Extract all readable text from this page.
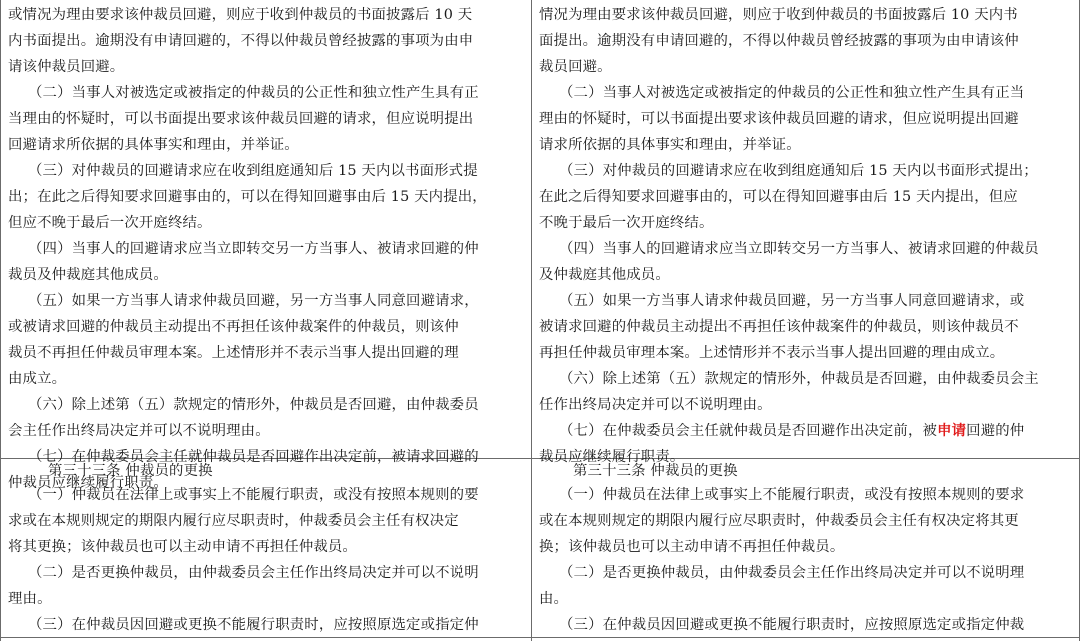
或情况为理由要求该仲裁员回避，则应于收到仲裁员的书面披露后 10 天
内书面提出。逾期没有申请回避的，不得以仲裁员曾经披露的事项为由申
请该仲裁员回避。
（二）当事人对被选定或被指定的仲裁员的公正性和独立性产生具有正
当理由的怀疑时，可以书面提出要求该仲裁员回避的请求，但应说明提出
回避请求所依据的具体事实和理由，并举证。
（三）对仲裁员的回避请求应在收到组庭通知后 15 天内以书面形式提
出；在此之后得知要求回避事由的，可以在得知回避事由后 15 天内提出，
但应不晚于最后一次开庭终结。
（四）当事人的回避请求应当立即转交另一方当事人、被请求回避的仲
裁员及仲裁庭其他成员。
（五）如果一方当事人请求仲裁员回避，另一方当事人同意回避请求，
或被请求回避的仲裁员主动提出不再担任该仲裁案件的仲裁员，则该仲
裁员不再担任仲裁员审理本案。上述情形并不表示当事人提出回避的理
由成立。
（六）除上述第（五）款规定的情形外，仲裁员是否回避，由仲裁委员
会主任作出终局决定并可以不说明理由。
（七）在仲裁委员会主任就仲裁员是否回避作出决定前，被请求回避的
仲裁员应继续履行职责。
情况为理由要求该仲裁员回避，则应于收到仲裁员的书面披露后 10 天内书
面提出。逾期没有申请回避的，不得以仲裁员曾经披露的事项为由申请该仲
裁员回避。
（二）当事人对被选定或被指定的仲裁员的公正性和独立性产生具有正当
理由的怀疑时，可以书面提出要求该仲裁员回避的请求，但应说明提出回避
请求所依据的具体事实和理由，并举证。
（三）对仲裁员的回避请求应在收到组庭通知后 15 天内以书面形式提出；
在此之后得知要求回避事由的，可以在得知回避事由后 15 天内提出，但应
不晚于最后一次开庭终结。
（四）当事人的回避请求应当立即转交另一方当事人、被请求回避的仲裁员
及仲裁庭其他成员。
（五）如果一方当事人请求仲裁员回避，另一方当事人同意回避请求，或
被请求回避的仲裁员主动提出不再担任该仲裁案件的仲裁员，则该仲裁员不
再担任仲裁员审理本案。上述情形并不表示当事人提出回避的理由成立。
（六）除上述第（五）款规定的情形外，仲裁员是否回避，由仲裁委员会主
任作出终局决定并可以不说明理由。
（七）在仲裁委员会主任就仲裁员是否回避作出决定前，被申请回避的仲
裁员应继续履行职责。
第三十三条 仲裁员的更换
（一）仲裁员在法律上或事实上不能履行职责，或没有按照本规则的要
求或在本规则规定的期限内履行应尽职责时，仲裁委员会主任有权决定
将其更换；该仲裁员也可以主动申请不再担任仲裁员。
（二）是否更换仲裁员，由仲裁委员会主任作出终局决定并可以不说明
理由。
（三）在仲裁员因回避或更换不能履行职责时，应按照原选定或指定仲
第三十三条 仲裁员的更换
（一）仲裁员在法律上或事实上不能履行职责，或没有按照本规则的要求
或在本规则规定的期限内履行应尽职责时，仲裁委员会主任有权决定将其更
换；该仲裁员也可以主动申请不再担任仲裁员。
（二）是否更换仲裁员，由仲裁委员会主任作出终局决定并可以不说明理
由。
（三）在仲裁员因回避或更换不能履行职责时，应按照原选定或指定仲裁
